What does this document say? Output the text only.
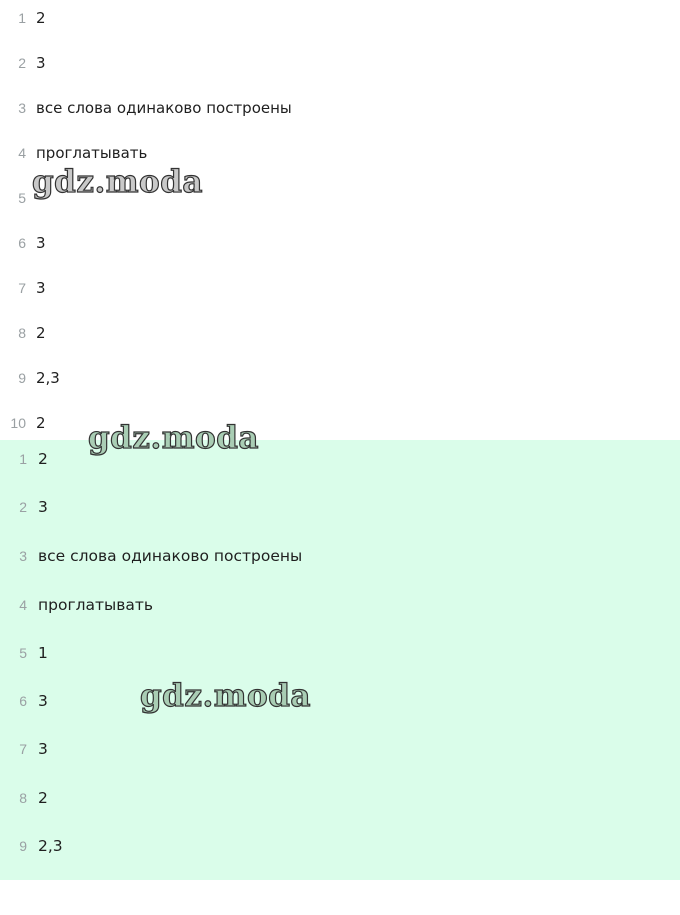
1 2
2 3
3 все слова одинаково построены
4 проглатывать
5
6 3
7 3
8 2
9 2,3
10 2
gdz.moda
1 2
2 3
3 все слова одинаково построены
4 проглатывать
5 1
6 3
7 3
8 2
9 2,3
gdz.moda
gdz.moda
